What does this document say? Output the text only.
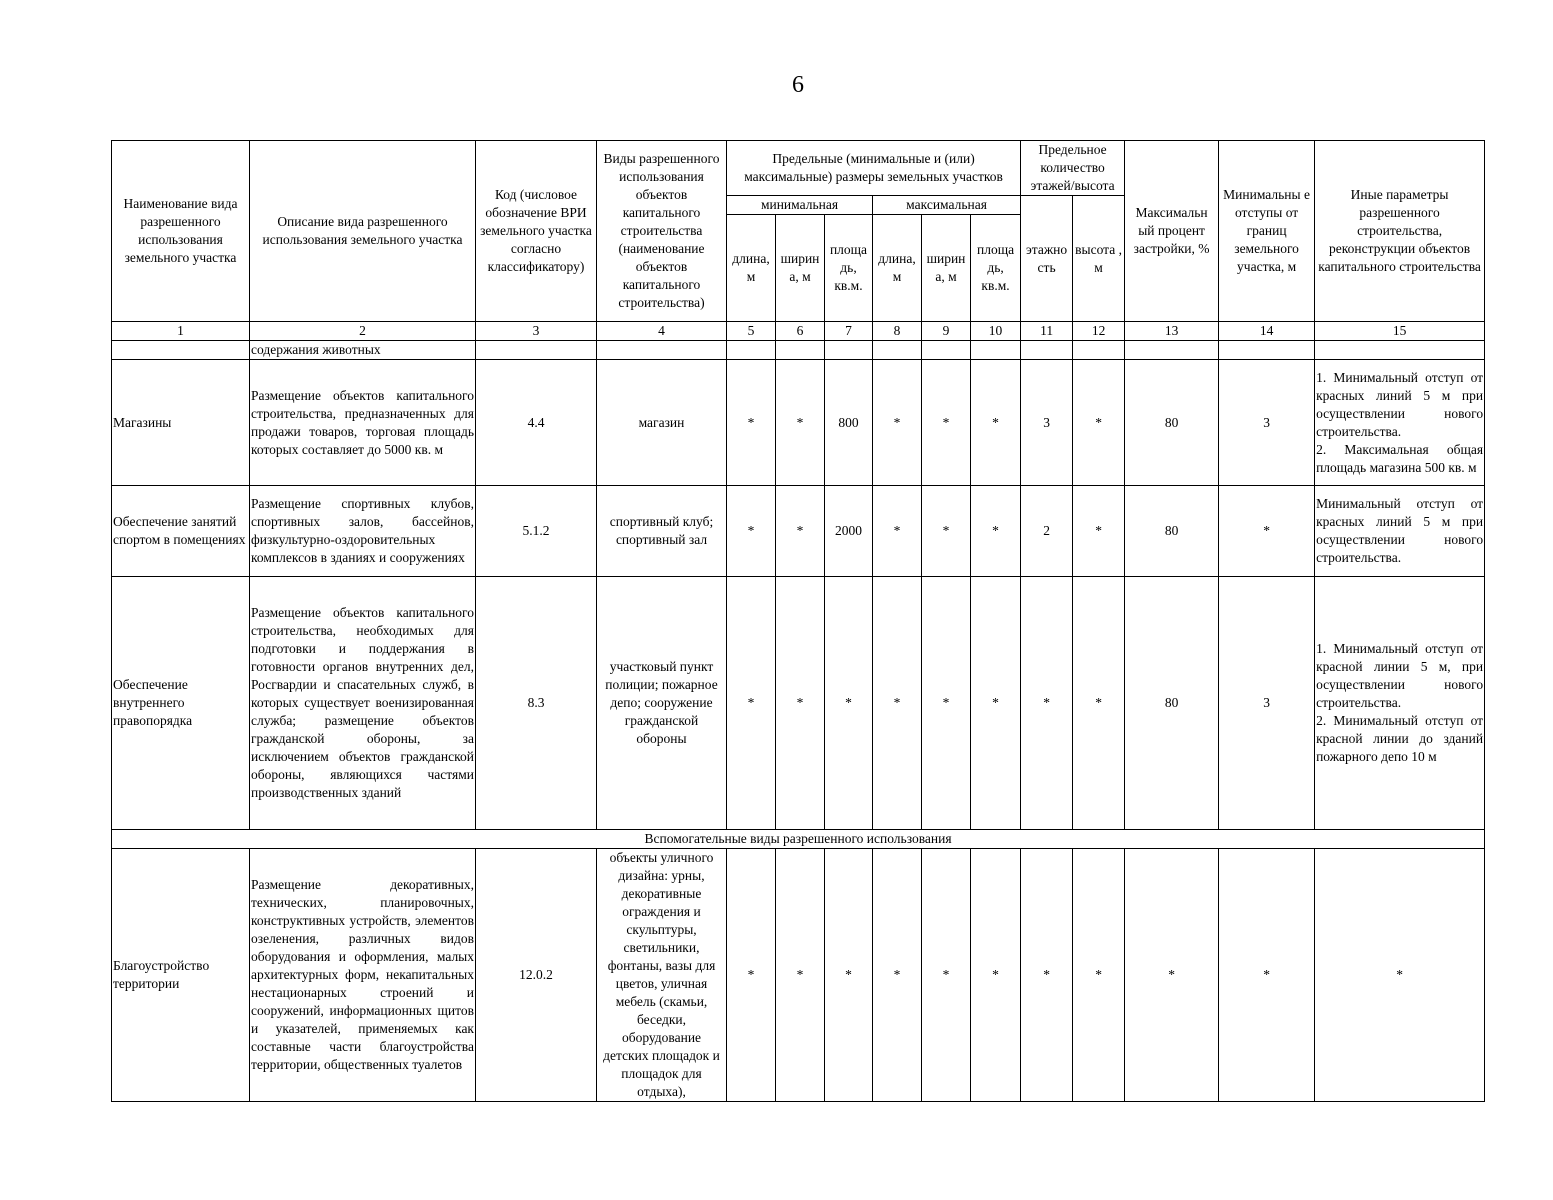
6
Наименование вида разрешенного использования земельного участка	Описание вида разрешенного использования земельного участка	Код (числовое обозначение ВРИ земельного участка согласно классификатору)	Виды разрешенного использования объектов капитального строительства (наименование объектов капитального строительства)	Предельные (минимальные и (или) максимальные) размеры земельных участков						Предельное количество этажей/высота		Максимальн ый процент застройки, %	Минимальны е отступы от границ земельного участка, м	Иные параметры разрешенного строительства, реконструкции объектов капитального строительства
				минимальная			максимальная			этажно сть	высота , м			
				длина, м	ширин а, м	площа дь, кв.м.	длина, м	ширин а, м	площа дь, кв.м.					
1	2	3	4	5	6	7	8	9	10	11	12	13	14	15
	содержания животных													
Магазины	Размещение объектов капитального строительства, предназначенных для продажи товаров, торговая площадь которых составляет до 5000 кв. м	4.4	магазин	*	*	800	*	*	*	3	*	80	3	1. Минимальный отступ от красных линий 5 м при осуществлении нового строительства.
2. Максимальная общая площадь магазина 500 кв. м
Обеспечение занятий спортом в помещениях	Размещение спортивных клубов, спортивных залов, бассейнов, физкультурно-оздоровительных комплексов в зданиях и сооружениях	5.1.2	спортивный клуб; спортивный зал	*	*	2000	*	*	*	2	*	80	*	Минимальный отступ от красных линий 5 м при осуществлении нового строительства.
Обеспечение внутреннего правопорядка	Размещение объектов капитального строительства, необходимых для подготовки и поддержания в готовности органов внутренних дел, Росгвардии и спасательных служб, в которых существует военизированная служба; размещение объектов гражданской обороны, за исключением объектов гражданской обороны, являющихся частями производственных зданий	8.3	участковый пункт полиции; пожарное депо; сооружение гражданской обороны	*	*	*	*	*	*	*	*	80	3	1. Минимальный отступ от красной линии 5 м, при осуществлении нового строительства.
2. Минимальный отступ от красной линии до зданий пожарного депо 10 м
Вспомогательные виды разрешенного использования														
Благоустройство территории	Размещение декоративных, технических, планировочных, конструктивных устройств, элементов озеленения, различных видов оборудования и оформления, малых архитектурных форм, некапитальных нестационарных строений и сооружений, информационных щитов и указателей, применяемых как составные части благоустройства территории, общественных туалетов	12.0.2	объекты уличного дизайна: урны, декоративные ограждения и скульптуры, светильники, фонтаны, вазы для цветов, уличная мебель (скамьи, беседки, оборудование детских площадок и площадок для отдыха),	*	*	*	*	*	*	*	*	*	*	*
